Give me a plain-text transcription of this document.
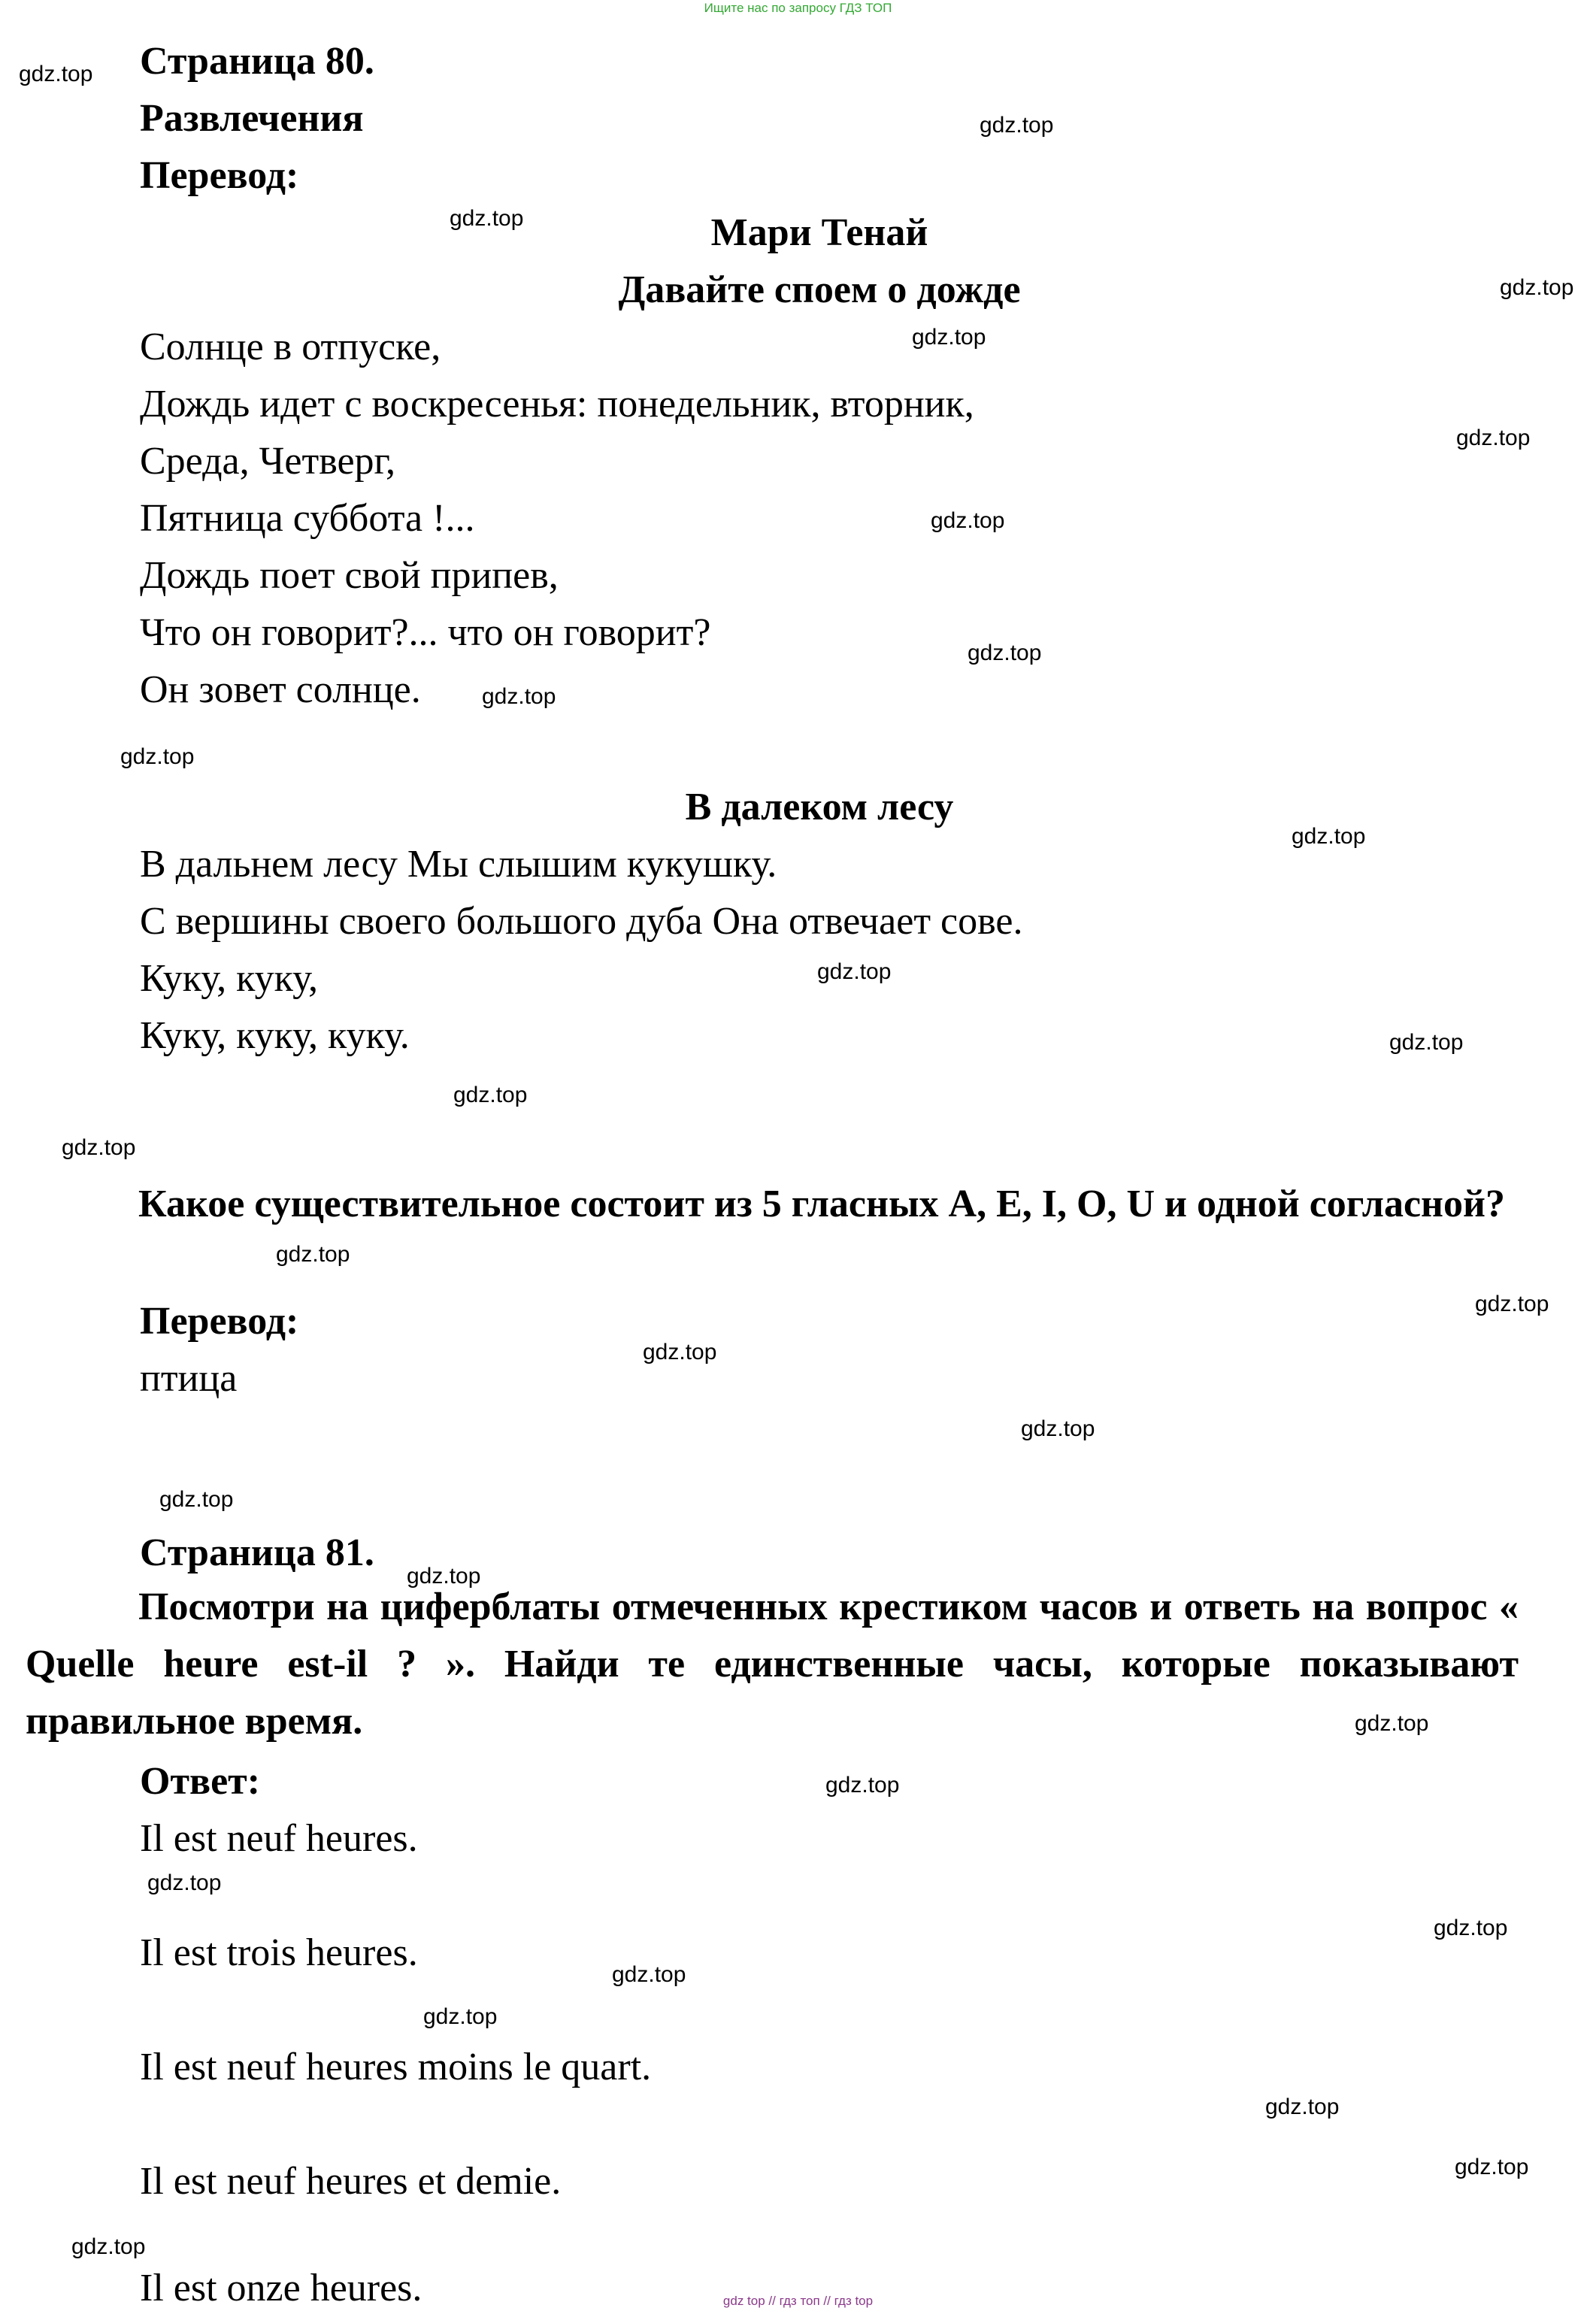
Ищите нас по запросу ГДЗ ТОП
Страница 80.
Развлечения
Перевод:
Мари Тенай
Давайте споем о дожде
Солнце в отпуске,
Дождь идет с воскресенья: понедельник, вторник,
Среда, Четверг,
Пятница суббота !...
Дождь поет свой припев,
Что он говорит?... что он говорит?
Он зовет солнце.
В далеком лесу
В дальнем лесу Мы слышим кукушку.
С вершины своего большого дуба Она отвечает сове.
Куку, куку,
Куку, куку, куку.
Какое существительное состоит из 5 гласных A, E, I, O, U и одной согласной?
Перевод:
птица
Страница 81.
Посмотри на циферблаты отмеченных крестиком часов и ответь на вопрос « Quelle heure est-il ? ». Найди те единственные часы, которые показывают правильное время.
Ответ:
Il est neuf heures.
Il est trois heures.
Il est neuf heures moins le quart.
Il est neuf heures et demie.
Il est onze heures.
gdz.top
gdz.top
gdz.top
gdz.top
gdz.top
gdz.top
gdz.top
gdz.top
gdz.top
gdz.top
gdz.top
gdz.top
gdz.top
gdz.top
gdz.top
gdz.top
gdz.top
gdz.top
gdz.top
gdz.top
gdz.top
gdz.top
gdz.top
gdz.top
gdz.top
gdz.top
gdz.top
gdz.top
gdz.top
gdz.top
gdz top // гдз топ // гдз top
